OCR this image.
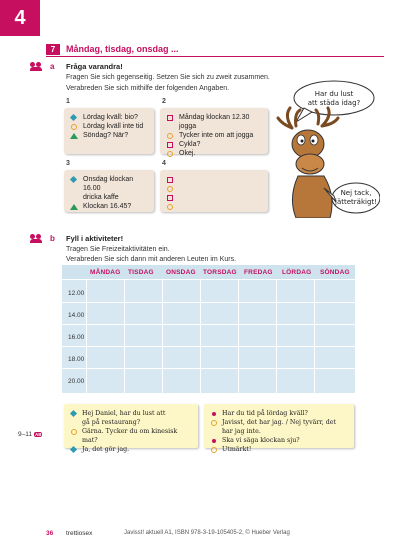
4
7	Måndag, tisdag, onsdag ...
a Fråga varandra!
Fragen Sie sich gegenseitig. Setzen Sie sich zu zweit zusammen.
Verabreden Sie sich mithilfe der folgenden Angaben.
1	2
3	4
Lördag kväll: bio?
Lördag kväll inte tid
Söndag? När?
Måndag klockan 12.30 jogga
Tycker inte om att jogga
Cykla?
Okej.
Onsdag klockan 16.00
dricka kaffe
Klockan 16.45?
Har du lust
att städa idag?
Nej tack,
jätteträkigt!
b Fyll i aktiviteter!
Tragen Sie Freizeitaktivitäten ein.
Verabreden Sie sich dann mit anderen Leuten im Kurs.
MÅNDAG TISDAG ONSDAG TORSDAG FREDAG LÖRDAG SÖNDAG
12.00
14.00
16.00
18.00
20.00
Hej Daniel, har du lust att
gå på restaurang?
Gärna. Tycker du om kinesisk mat?
Ja, det gör jag.
Har du tid på lördag kväll?
Javisst, det har jag. / Nej tyvärr, det har jag inte.
Ska vi säga klockan sju?
Utmärkt!
9–11 AB
36 trettiosex	Javisst! aktuell A1, ISBN 978-3-19-105405-2, © Hueber Verlag
